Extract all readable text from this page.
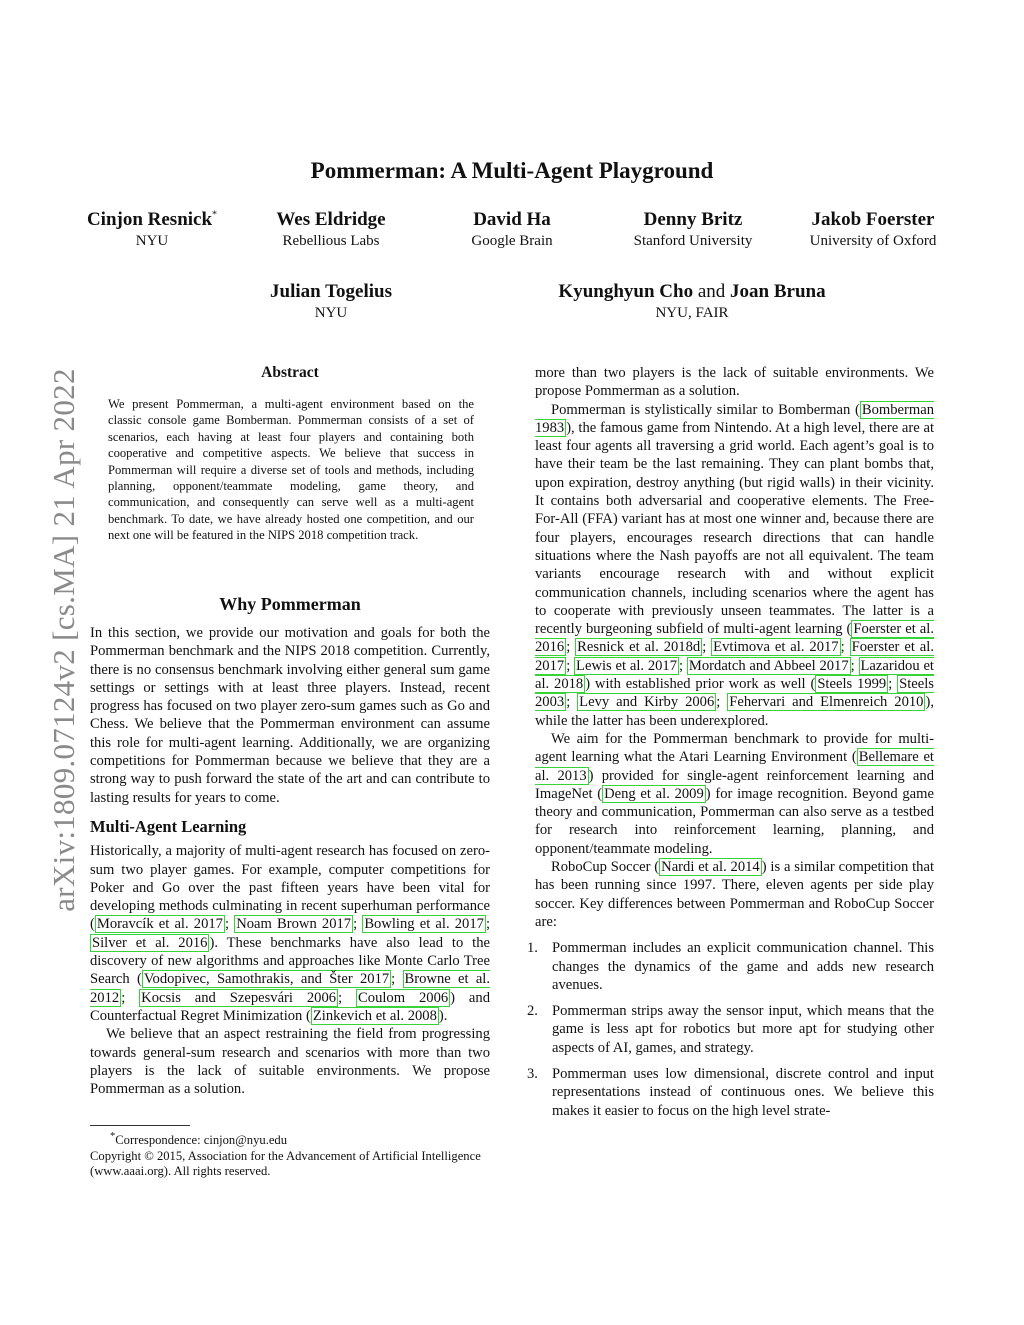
arXiv:1809.07124v2 [cs.MA] 21 Apr 2022
Pommerman: A Multi-Agent Playground
Cinjon Resnick*
NYU
Wes Eldridge
Rebellious Labs
David Ha
Google Brain
Denny Britz
Stanford University
Jakob Foerster
University of Oxford
Julian Togelius
NYU
Kyunghyun Cho and Joan Bruna
NYU, FAIR
Abstract
We present Pommerman, a multi-agent environment based on the classic console game Bomberman. Pommerman consists of a set of scenarios, each having at least four players and containing both cooperative and competitive aspects. We believe that success in Pommerman will require a diverse set of tools and methods, including planning, opponent/teammate modeling, game theory, and communication, and consequently can serve well as a multi-agent benchmark. To date, we have already hosted one competition, and our next one will be featured in the NIPS 2018 competition track.
Why Pommerman

In this section, we provide our motivation and goals for both the Pommerman benchmark and the NIPS 2018 competition. Currently, there is no consensus benchmark involving either general sum game settings or settings with at least three players. Instead, recent progress has focused on two player zero-sum games such as Go and Chess. We believe that the Pommerman environment can assume this role for multi-agent learning. Additionally, we are organizing competitions for Pommerman because we believe that they are a strong way to push forward the state of the art and can contribute to lasting results for years to come.

Multi-Agent Learning

Historically, a majority of multi-agent research has focused on zero-sum two player games. For example, computer competitions for Poker and Go over the past fifteen years have been vital for developing methods culminating in recent superhuman performance ( Moravcík et al. 2017 ; Noam Brown 2017 ; Bowling et al. 2017 ; Silver et al. 2016 ). These benchmarks have also lead to the discovery of new algorithms and approaches like Monte Carlo Tree Search ( Vodopivec, Samothrakis, and Šter 2017 ; Browne et al. 2012 ; Kocsis and Szepesvári 2006 ; Coulom 2006 ) and Counterfactual Regret Minimization ( Zinkevich et al. 2008 ).

We believe that an aspect restraining the field from progressing towards general-sum research and scenarios with more than two players is the lack of suitable environments. We propose Pommerman as a solution.

*Correspondence: cinjon@nyu.edu
Copyright © 2015, Association for the Advancement of Artificial Intelligence (www.aaai.org). All rights reserved.

more than two players is the lack of suitable environments. We propose Pommerman as a solution.

Pommerman is stylistically similar to Bomberman ( Bomberman 1983 ), the famous game from Nintendo. At a high level, there are at least four agents all traversing a grid world. Each agent’s goal is to have their team be the last remaining. They can plant bombs that, upon expiration, destroy anything (but rigid walls) in their vicinity. It contains both adversarial and cooperative elements. The Free-For-All (FFA) variant has at most one winner and, because there are four players, encourages research directions that can handle situations where the Nash payoffs are not all equivalent. The team variants encourage research with and without explicit communication channels, including scenarios where the agent has to cooperate with previously unseen teammates. The latter is a recently burgeoning subfield of multi-agent learning ( Foerster et al. 2016 ; Resnick et al. 2018d ; Evtimova et al. 2017 ; Foerster et al. 2017 ; Lewis et al. 2017 ; Mordatch and Abbeel 2017 ; Lazaridou et al. 2018 ) with established prior work as well ( Steels 1999 ; Steels 2003 ; Levy and Kirby 2006 ; Fehervari and Elmenreich 2010 ), while the latter has been underexplored.

We aim for the Pommerman benchmark to provide for multi-agent learning what the Atari Learning Environment ( Bellemare et al. 2013 ) provided for single-agent reinforcement learning and ImageNet ( Deng et al. 2009 ) for image recognition. Beyond game theory and communication, Pommerman can also serve as a testbed for research into reinforcement learning, planning, and opponent/teammate modeling.

RoboCup Soccer ( Nardi et al. 2014 ) is a similar competition that has been running since 1997. There, eleven agents per side play soccer. Key differences between Pommerman and RoboCup Soccer are:

1. Pommerman includes an explicit communication channel. This changes the dynamics of the game and adds new research avenues.
2. Pommerman strips away the sensor input, which means that the game is less apt for robotics but more apt for studying other aspects of AI, games, and strategy.
3. Pommerman uses low dimensional, discrete control and input representations instead of continuous ones. We believe this makes it easier to focus on the high level strate-
